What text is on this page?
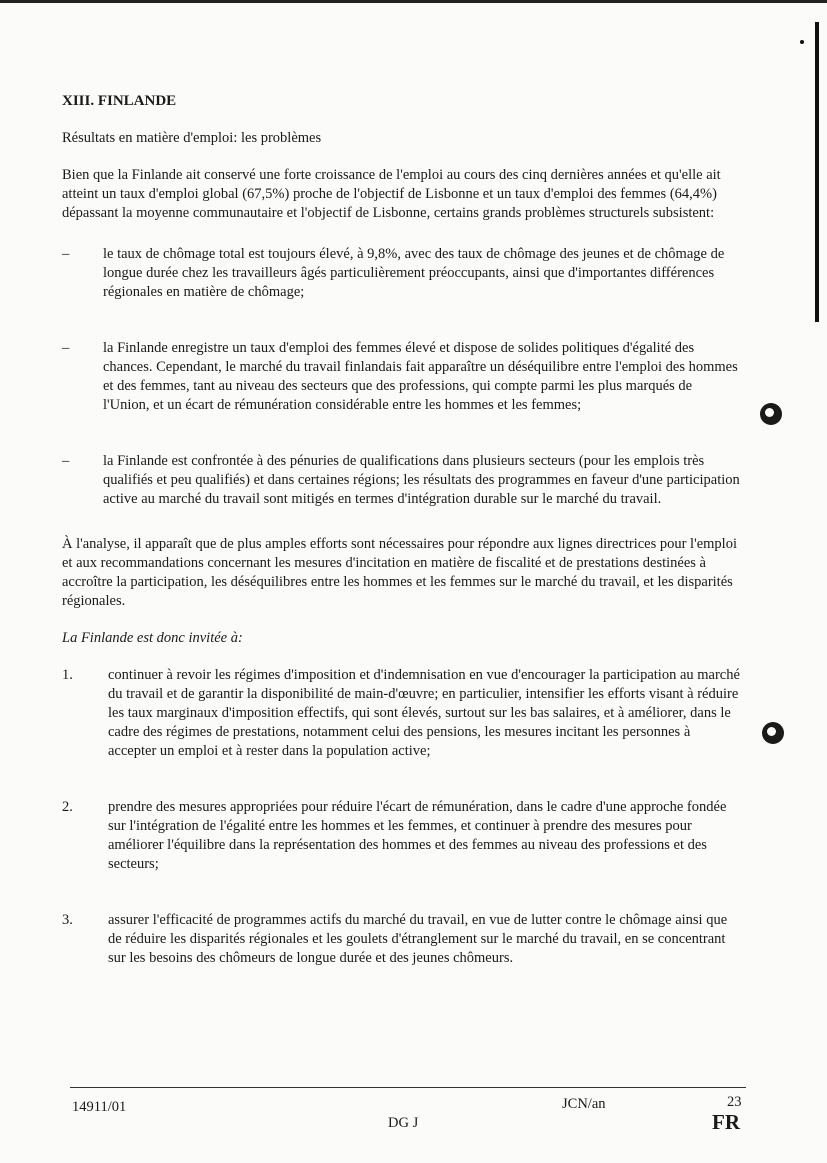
XIII. FINLANDE
Résultats en matière d'emploi: les problèmes
Bien que la Finlande ait conservé une forte croissance de l'emploi au cours des cinq dernières années et qu'elle ait atteint un taux d'emploi global (67,5%) proche de l'objectif de Lisbonne et un taux d'emploi des femmes (64,4%) dépassant la moyenne communautaire et l'objectif de Lisbonne, certains grands problèmes structurels subsistent:
–	le taux de chômage total est toujours élevé, à 9,8%, avec des taux de chômage des jeunes et de chômage de longue durée chez les travailleurs âgés particulièrement préoccupants, ainsi que d'importantes différences régionales en matière de chômage;
–	la Finlande enregistre un taux d'emploi des femmes élevé et dispose de solides politiques d'égalité des chances. Cependant, le marché du travail finlandais fait apparaître un déséquilibre entre l'emploi des hommes et des femmes, tant au niveau des secteurs que des professions, qui compte parmi les plus marqués de l'Union, et un écart de rémunération considérable entre les hommes et les femmes;
–	la Finlande est confrontée à des pénuries de qualifications dans plusieurs secteurs (pour les emplois très qualifiés et peu qualifiés) et dans certaines régions; les résultats des programmes en faveur d'une participation active au marché du travail sont mitigés en termes d'intégration durable sur le marché du travail.
À l'analyse, il apparaît que de plus amples efforts sont nécessaires pour répondre aux lignes directrices pour l'emploi et aux recommandations concernant les mesures d'incitation en matière de fiscalité et de prestations destinées à accroître la participation, les déséquilibres entre les hommes et les femmes sur le marché du travail, et les disparités régionales.
La Finlande est donc invitée à:
1.	continuer à revoir les régimes d'imposition et d'indemnisation en vue d'encourager la participation au marché du travail et de garantir la disponibilité de main-d'œuvre; en particulier, intensifier les efforts visant à réduire les taux marginaux d'imposition effectifs, qui sont élevés, surtout sur les bas salaires, et à améliorer, dans le cadre des régimes de prestations, notamment celui des pensions, les mesures incitant les personnes à accepter un emploi et à rester dans la population active;
2.	prendre des mesures appropriées pour réduire l'écart de rémunération, dans le cadre d'une approche fondée sur l'intégration de l'égalité entre les hommes et les femmes, et continuer à prendre des mesures pour améliorer l'équilibre dans la représentation des hommes et des femmes au niveau des professions et des secteurs;
3.	assurer l'efficacité de programmes actifs du marché du travail, en vue de lutter contre le chômage ainsi que de réduire les disparités régionales et les goulets d'étranglement sur le marché du travail, en se concentrant sur les besoins des chômeurs de longue durée et des jeunes chômeurs.
14911/01	JCN/an
DG J
23
FR
